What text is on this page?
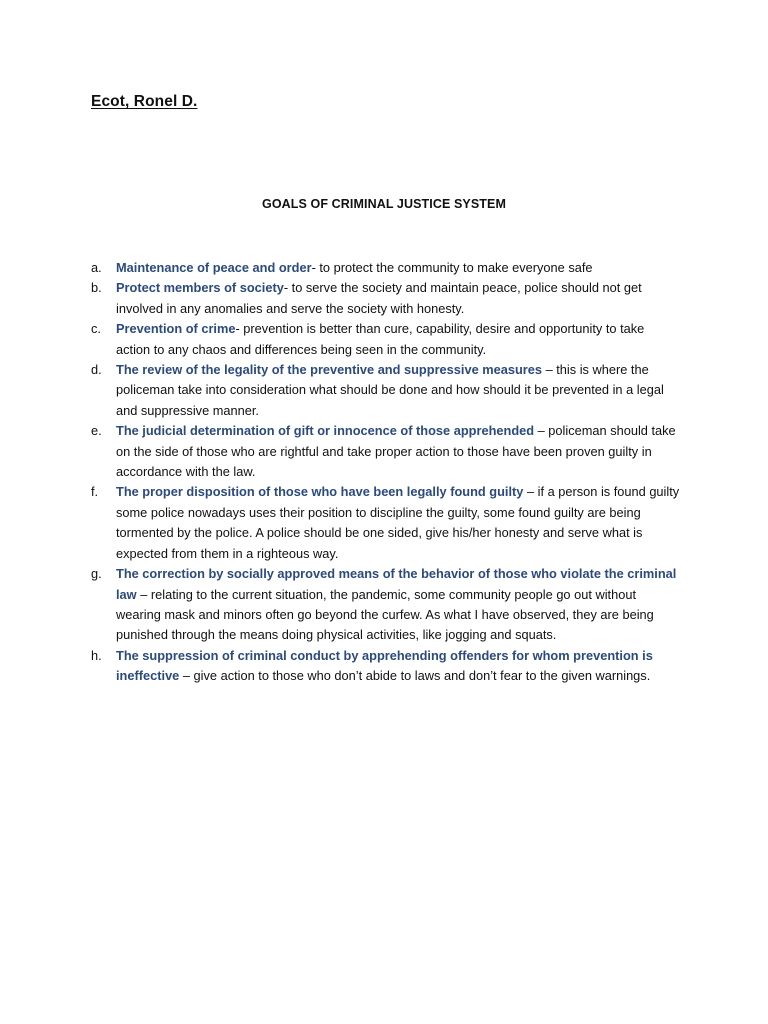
Ecot, Ronel D.
GOALS OF CRIMINAL JUSTICE SYSTEM
a. Maintenance of peace and order- to protect the community to make everyone safe
b. Protect members of society- to serve the society and maintain peace, police should not get involved in any anomalies and serve the society with honesty.
c. Prevention of crime- prevention is better than cure, capability, desire and opportunity to take action to any chaos and differences being seen in the community.
d. The review of the legality of the preventive and suppressive measures – this is where the policeman take into consideration what should be done and how should it be prevented in a legal and suppressive manner.
e. The judicial determination of gift or innocence of those apprehended – policeman should take on the side of those who are rightful and take proper action to those have been proven guilty in accordance with the law.
f. The proper disposition of those who have been legally found guilty – if a person is found guilty some police nowadays uses their position to discipline the guilty, some found guilty are being tormented by the police. A police should be one sided, give his/her honesty and serve what is expected from them in a righteous way.
g. The correction by socially approved means of the behavior of those who violate the criminal law – relating to the current situation, the pandemic, some community people go out without wearing mask and minors often go beyond the curfew. As what I have observed, they are being punished through the means doing physical activities, like jogging and squats.
h. The suppression of criminal conduct by apprehending offenders for whom prevention is ineffective – give action to those who don’t abide to laws and don’t fear to the given warnings.
